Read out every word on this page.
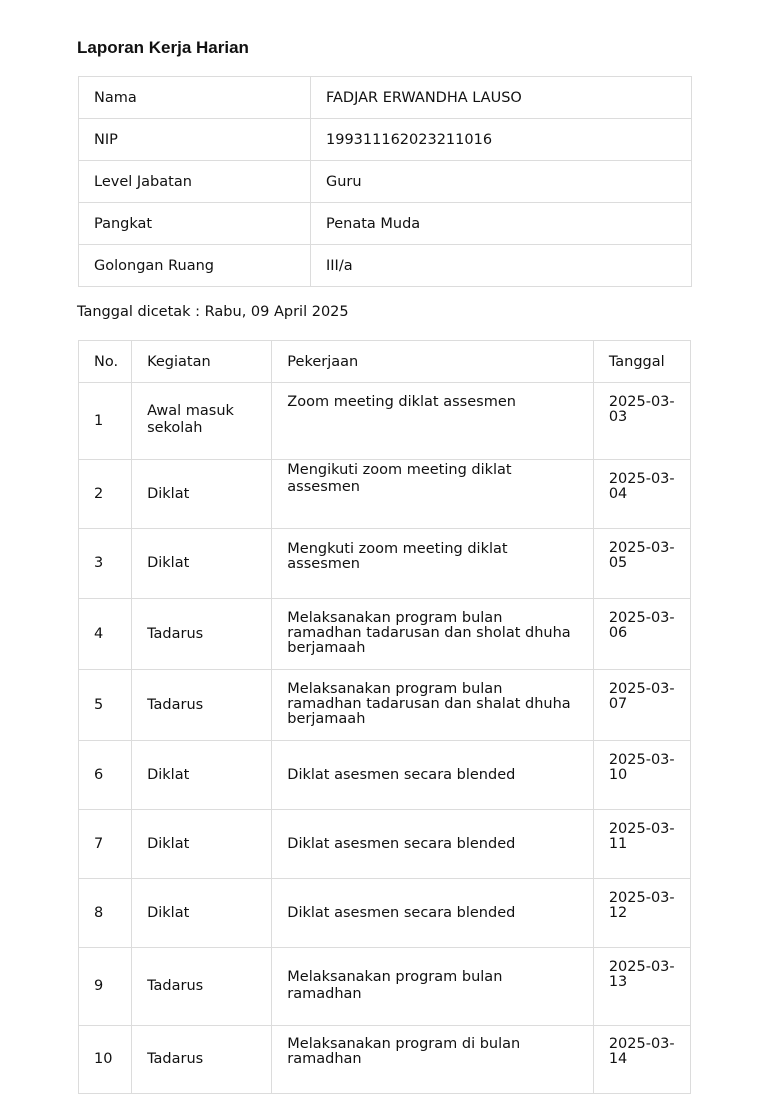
Laporan Kerja Harian
Nama	FADJAR ERWANDHA LAUSO
NIP	199311162023211016
Level Jabatan	Guru
Pangkat	Penata Muda
Golongan Ruang	III/a
Tanggal dicetak : Rabu, 09 April 2025
No.	Kegiatan	Pekerjaan	Tanggal
1	Awal masuk sekolah	Zoom meeting diklat assesmen	2025-03-03
2	Diklat	Mengikuti zoom meeting diklat assesmen	2025-03-04
3	Diklat	Mengkuti zoom meeting diklat assesmen	2025-03-05
4	Tadarus	Melaksanakan program bulan ramadhan tadarusan dan sholat dhuha berjamaah	2025-03-06
5	Tadarus	Melaksanakan program bulan ramadhan tadarusan dan shalat dhuha berjamaah	2025-03-07
6	Diklat	Diklat asesmen secara blended	2025-03-10
7	Diklat	Diklat asesmen secara blended	2025-03-11
8	Diklat	Diklat asesmen secara blended	2025-03-12
9	Tadarus	Melaksanakan program bulan ramadhan	2025-03-13
10	Tadarus	Melaksanakan program di bulan ramadhan	2025-03-14
